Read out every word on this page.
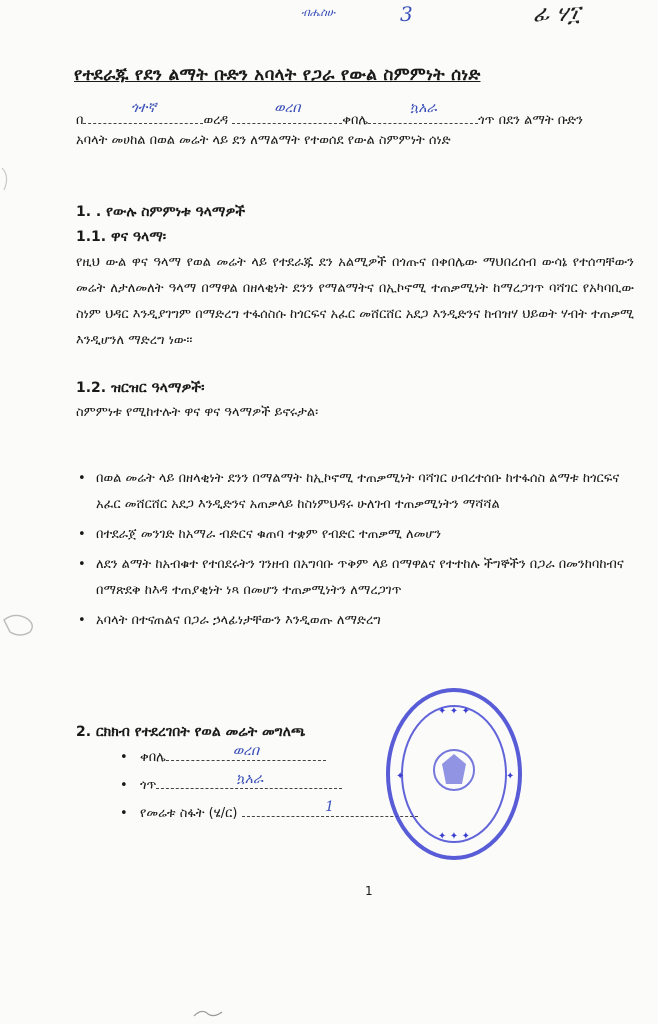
ብሔስሁ	3	ፊ ሃ፲
የተደራጁ የደን ልማት ቡድን አባላት የጋራ የውል ስምምነት ሰነድ
በ
ጎተኛ
ወረዳ
ወረበ
ቀበሌ
ኳአራ
ጎጥ በደን ልማት ቡድን
አባላት መሀከል በወል መሬት ላይ ደን ለማልማት የተወሰደ የውል ስምምነት ሰነድ
1. . የውሉ ስምምነቱ ዓላማዎች
1.1. ዋና ዓላማ፡
የዚህ ውል ዋና ዓላማ የወል መሬት ላይ የተደራጁ ደን አልሚዎች በጎጡና በቀበሌው ማህበረሰብ ውሳኔ የተሰጣቸውን መሬት ለታለመለት ዓላማ በማዋል በዘላቂነት ደንን የማልማትና በኢኮኖሚ ተጠቃሚነት ከማረጋገጥ ባሻገር የአካባቢው ስነም ህዳር እንዲያገግም በማድረግ ተፋሰስሱ ከጎርፍና አፈር መሸርሸር አደጋ እንዲድንና ከብዝሃ ህይወት ሃብት ተጠቃሚ እንዲሆንለ ማድረግ ነው፡፡
1.2. ዝርዝር ዓላማዎች፡
ስምምነቱ የሚከተሉት ዋና ዋና ዓላማዎች ይኖሩታል፡
• በወል መሬት ላይ በዘላቂነት ደንን በማልማት ከኢኮኖሚ ተጠቃሚነት ባሻገር ሀብረተሰቡ ከተፋሰስ ልማቱ ከጎርፍና አፈር መሸርሸር አደጋ እንዲድንና አጠቃላይ ከስነምህዳሩ ሁለገብ ተጠቃሚነትን ማሻሻል
• በተደራጀ መንገድ ከአማራ ብድርና ቁጠባ ተቋም የብድር ተጠቃሚ ለመሆን
• ለደን ልማት ከአብቁተ የተበደሩትን ገንዘብ በአግባቡ ጥቅም ላይ በማዋልና የተተከሉ ችግኞችን በጋራ በመንከባከብና በማጽደቅ ከእዳ ተጠያቂነት ነጻ በመሆን ተጠቃሚነትን ለማረጋገጥ
• አባላት በተናጠልና በጋራ ኃላፊነታቸውን እንዲወጡ ለማድረግ
2. ርክክብ የተደረገበት የወል መሬት መግለጫ
• ቀበሌ	ወረበ
• ጎጥ	ኳአራ
• የመሬቱ ስፋት (ሄ/ር)	1
✦ ✦ ✦
✦ ✦ ✦
✦	✦
1
